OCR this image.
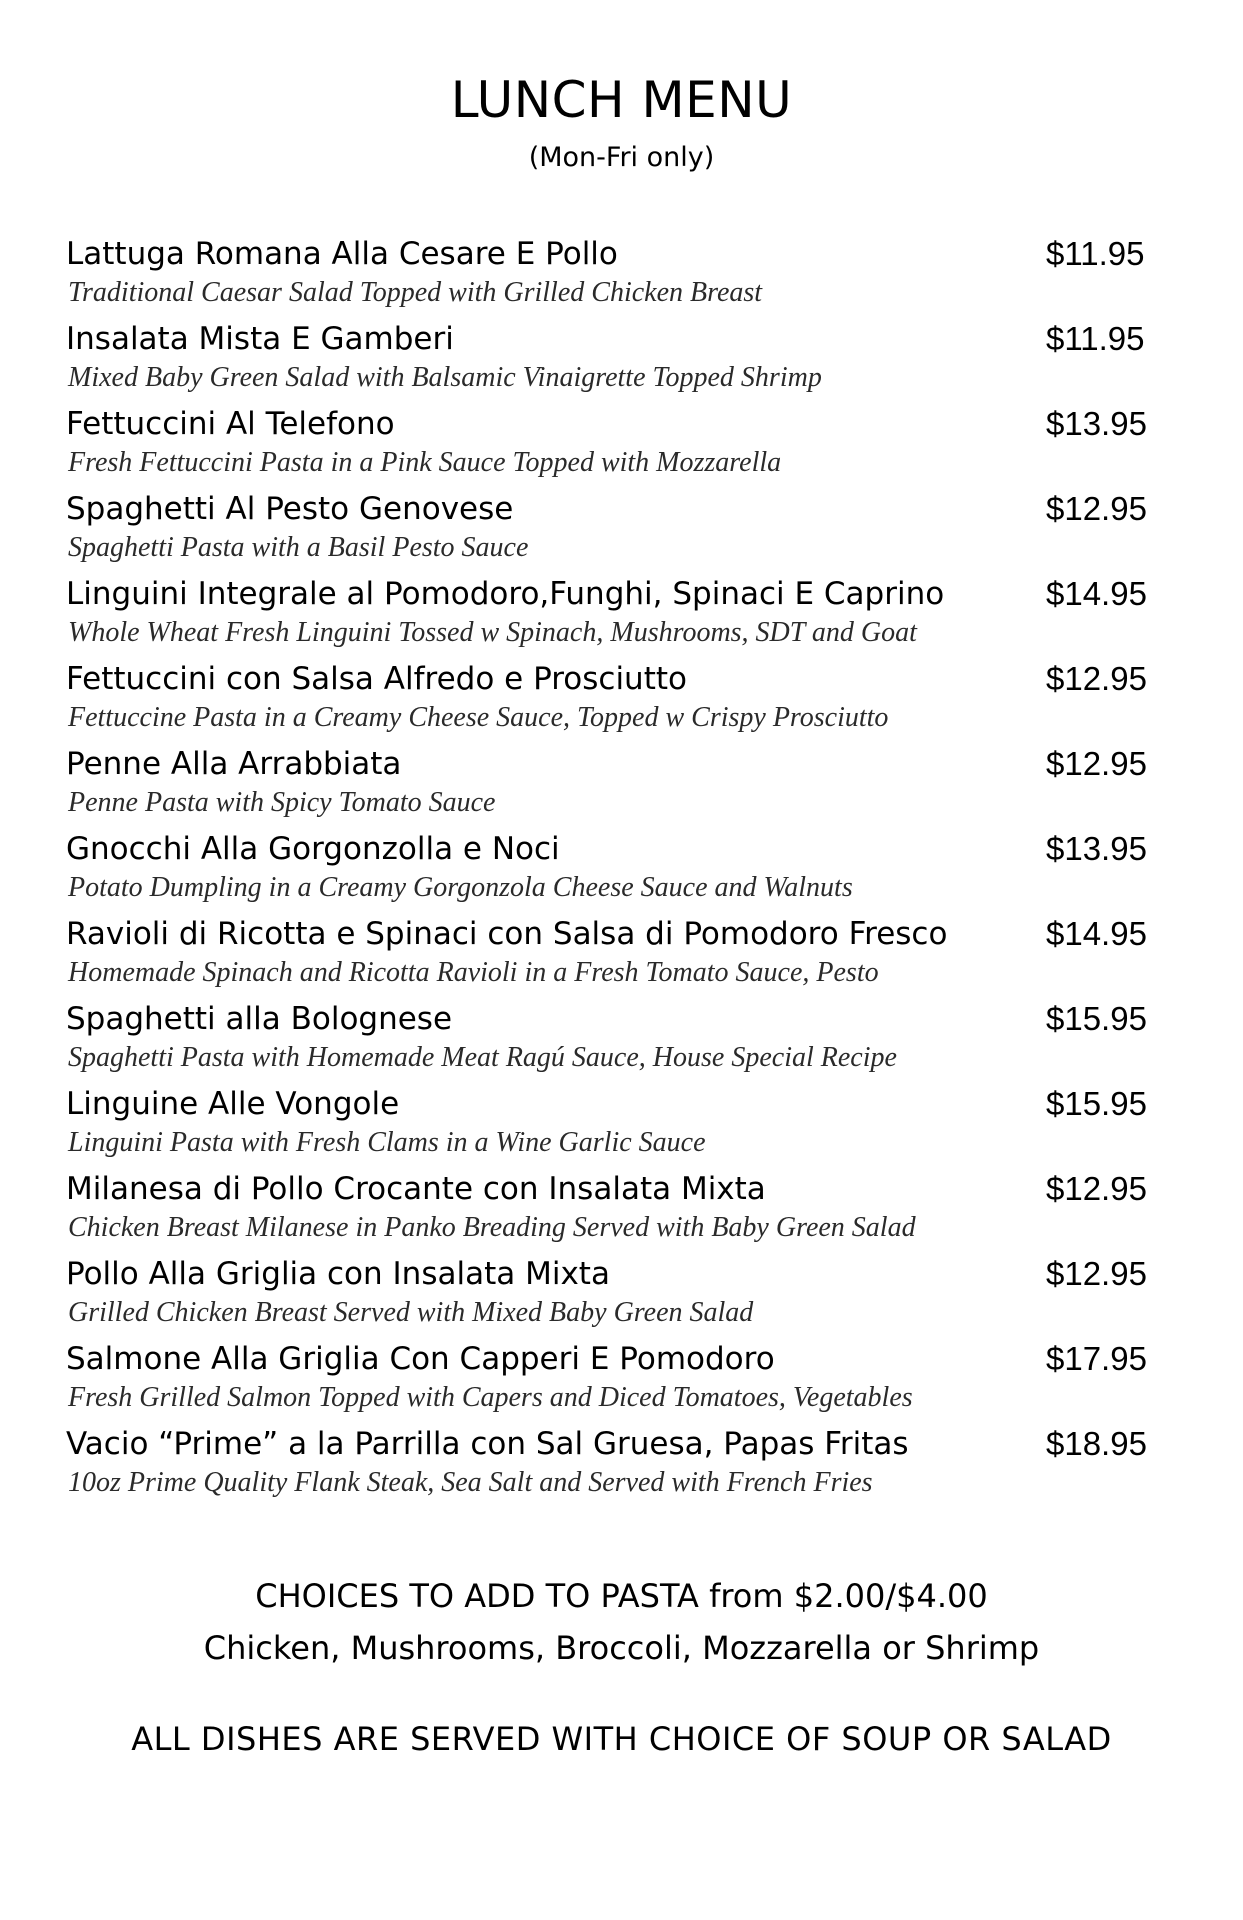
LUNCH MENU
(Mon-Fri only)
Lattuga Romana Alla Cesare E Pollo	$11.95
Traditional Caesar Salad Topped with Grilled Chicken Breast
Insalata Mista E Gamberi	$11.95
Mixed Baby Green Salad with Balsamic Vinaigrette Topped Shrimp
Fettuccini Al Telefono	$13.95
Fresh Fettuccini Pasta in a Pink Sauce Topped with Mozzarella
Spaghetti Al Pesto Genovese	$12.95
Spaghetti Pasta with a Basil Pesto Sauce
Linguini Integrale al Pomodoro,Funghi, Spinaci E Caprino	$14.95
Whole Wheat Fresh Linguini Tossed w Spinach, Mushrooms, SDT and Goat
Fettuccini con Salsa Alfredo e Prosciutto	$12.95
Fettuccine Pasta in a Creamy Cheese Sauce, Topped w Crispy Prosciutto
Penne Alla Arrabbiata	$12.95
Penne Pasta with Spicy Tomato Sauce
Gnocchi Alla Gorgonzolla e Noci	$13.95
Potato Dumpling in a Creamy Gorgonzola Cheese Sauce and Walnuts
Ravioli di Ricotta e Spinaci con Salsa di Pomodoro Fresco	$14.95
Homemade Spinach and Ricotta Ravioli in a Fresh Tomato Sauce, Pesto
Spaghetti alla Bolognese	$15.95
Spaghetti Pasta with Homemade Meat Ragú Sauce, House Special Recipe
Linguine Alle Vongole	$15.95
Linguini Pasta with Fresh Clams in a Wine Garlic Sauce
Milanesa di Pollo Crocante con Insalata Mixta	$12.95
Chicken Breast Milanese in Panko Breading Served with Baby Green Salad
Pollo Alla Griglia con Insalata Mixta	$12.95
Grilled Chicken Breast Served with Mixed Baby Green Salad
Salmone Alla Griglia Con Capperi E Pomodoro	$17.95
Fresh Grilled Salmon Topped with Capers and Diced Tomatoes, Vegetables
Vacio “Prime” a la Parrilla con Sal Gruesa, Papas Fritas	$18.95
10oz Prime Quality Flank Steak, Sea Salt and Served with French Fries
CHOICES TO ADD TO PASTA from $2.00/$4.00
Chicken, Mushrooms, Broccoli, Mozzarella or Shrimp
ALL DISHES ARE SERVED WITH CHOICE OF SOUP OR SALAD
